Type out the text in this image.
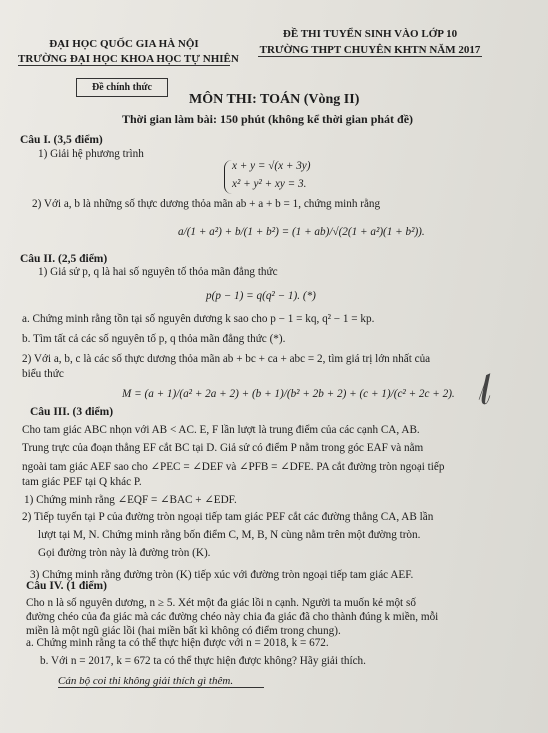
ĐẠI HỌC QUỐC GIA HÀ NỘI
TRƯỜNG ĐẠI HỌC KHOA HỌC TỰ NHIÊN
Đề chính thức
ĐỀ THI TUYỂN SINH VÀO LỚP 10
TRƯỜNG THPT CHUYÊN KHTN NĂM 2017
MÔN THI: TOÁN (Vòng II)
Thời gian làm bài: 150 phút (không kể thời gian phát đề)
Câu I. (3,5 điểm)
1) Giải hệ phương trình
x + y = √(x + 3y)
x² + y² + xy = 3.
2) Với a, b là những số thực dương thỏa mãn ab + a + b = 1, chứng minh rằng
a/(1 + a²) + b/(1 + b²) = (1 + ab)/√(2(1 + a²)(1 + b²)).
Câu II. (2,5 điểm)
1) Giả sử p, q là hai số nguyên tố thỏa mãn đẳng thức
p(p − 1) = q(q² − 1). (*)
a. Chứng minh rằng tồn tại số nguyên dương k sao cho p − 1 = kq, q² − 1 = kp.
b. Tìm tất cả các số nguyên tố p, q thỏa mãn đẳng thức (*).
2) Với a, b, c là các số thực dương thỏa mãn ab + bc + ca + abc = 2, tìm giá trị lớn nhất của
biểu thức
M = (a + 1)/(a² + 2a + 2) + (b + 1)/(b² + 2b + 2) + (c + 1)/(c² + 2c + 2). 𝓁
Câu III. (3 điểm)
Cho tam giác ABC nhọn với AB < AC. E, F lần lượt là trung điểm của các cạnh CA, AB.
Trung trực của đoạn thẳng EF cắt BC tại D. Giả sử có điểm P nằm trong góc EAF và nằm
ngoài tam giác AEF sao cho ∠PEC = ∠DEF và ∠PFB = ∠DFE. PA cắt đường tròn ngoại tiếp
tam giác PEF tại Q khác P.
1) Chứng minh rằng ∠EQF = ∠BAC + ∠EDF.
2) Tiếp tuyến tại P của đường tròn ngoại tiếp tam giác PEF cắt các đường thẳng CA, AB lần
lượt tại M, N. Chứng minh rằng bốn điểm C, M, B, N cùng nằm trên một đường tròn.
Gọi đường tròn này là đường tròn (K).
3) Chứng minh rằng đường tròn (K) tiếp xúc với đường tròn ngoại tiếp tam giác AEF.
Câu IV. (1 điểm)
Cho n là số nguyên dương, n ≥ 5. Xét một đa giác lồi n cạnh. Người ta muốn kẻ một số
đường chéo của đa giác mà các đường chéo này chia đa giác đã cho thành đúng k miền, mỗi
miền là một ngũ giác lồi (hai miền bất kì không có điểm trong chung).
a. Chứng minh rằng ta có thể thực hiện được với n = 2018, k = 672.
b. Với n = 2017, k = 672 ta có thể thực hiện được không? Hãy giải thích.
Cán bộ coi thi không giải thích gì thêm.
